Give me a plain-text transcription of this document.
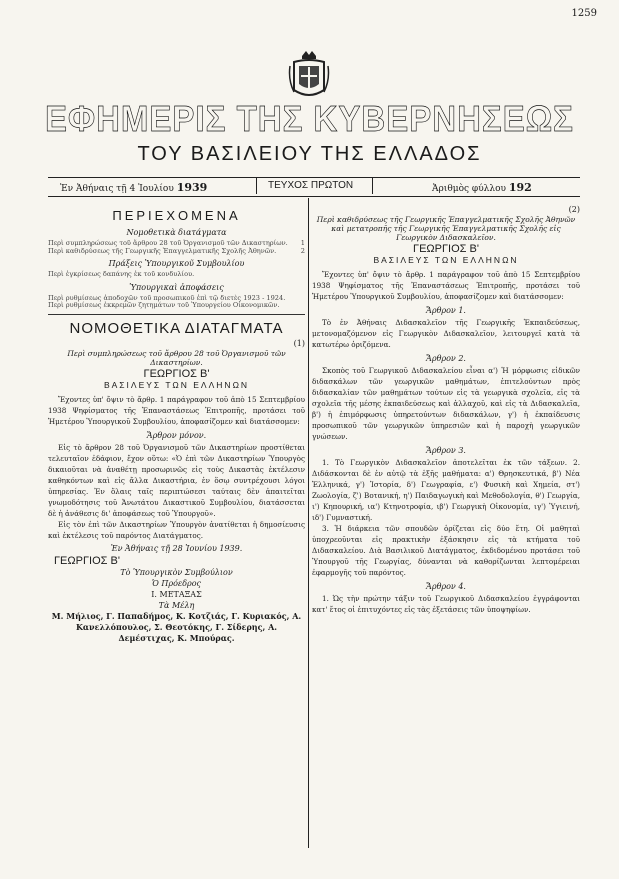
1259
ΕΦΗΜΕΡΙΣ ΤΗΣ ΚΥΒΕΡΝΗΣΕΩΣ
ΤΟΥ ΒΑΣΙΛΕΙΟΥ ΤΗΣ ΕΛΛΑΔΟΣ
Ἐν Ἀθήναις τῇ 4 Ἰουλίου 1939	ΤΕΥΧΟΣ ΠΡΩΤΟΝ	Ἀριθμὸς φύλλου 192
ΠΕΡΙΕΧΟΜΕΝΑ
Νομοθετικὰ διατάγματα
Περὶ συμπληρώσεως τοῦ ἄρθρου 28 τοῦ Ὀργανισμοῦ τῶν Δικαστηρίων. 1
Περὶ καθιδρύσεως τῆς Γεωργικῆς Ἐπαγγελματικῆς Σχολῆς Ἀθηνῶν.	2
Πράξεις Ὑπουργικοῦ Συμβουλίου
Περὶ ἐγκρίσεως δαπάνης ἐκ τοῦ κονδυλίου.
Ὑπουργικαὶ ἀποφάσεις
Περὶ ρυθμίσεως ἀποδοχῶν τοῦ προσωπικοῦ ἐπὶ τῷ διετὲς 1923 - 1924.
Περὶ ρυθμίσεως ἐκκρεμῶν ζητημάτων τοῦ Ὑπουργείου Οἰκονομικῶν.
ΝΟΜΟΘΕΤΙΚΑ ΔΙΑΤΑΓΜΑΤΑ
(1)
Περὶ συμπληρώσεως τοῦ ἄρθρου 28 τοῦ Ὀργανισμοῦ τῶν Δικαστηρίων.
ΓΕΩΡΓΙΟΣ Β'
ΒΑΣΙΛΕΥΣ ΤΩΝ ΕΛΛΗΝΩΝ

Ἔχοντες ὑπ' ὄψιν τὸ ἄρθρ. 1 παράγραφον τοῦ ἀπὸ 15 Σεπτεμβρίου 1938 Ψηφίσματος τῆς Ἐπαναστάσεως Ἐπιτροπῆς, προτάσει τοῦ Ἡμετέρου Ὑπουργικοῦ Συμβουλίου, ἀποφασίζομεν καὶ διατάσσομεν:

Ἄρθρον μόνον.

Εἰς τὸ ἄρθρον 28 τοῦ Ὀργανισμοῦ τῶν Δικαστηρίων προστίθεται τελευταῖον ἐδάφιον, ἔχον οὕτω: «Ὁ ἐπὶ τῶν Δικαστηρίων Ὑπουργὸς δικαιοῦται νὰ ἀναθέτῃ προσωρινῶς εἰς τοὺς Δικαστὰς ἐκτέλεσιν καθηκόντων καὶ εἰς ἄλλα Δικαστήρια, ἐν ὅσῳ συντρέχουσι λόγοι ὑπηρεσίας. Ἐν ὅλαις ταῖς περιπτώσεσι ταύταις δὲν ἀπαιτεῖται γνωμοδότησις τοῦ Ἀνωτάτου Δικαστικοῦ Συμβουλίου, διατάσσεται δὲ ἡ ἀνάθεσις δι' ἀποφάσεως τοῦ Ὑπουργοῦ».

Εἰς τὸν ἐπὶ τῶν Δικαστηρίων Ὑπουργὸν ἀνατίθεται ἡ δημοσίευσις καὶ ἐκτέλεσις τοῦ παρόντος Διατάγματος.

Ἐν Ἀθήναις τῇ 28 Ἰουνίου 1939.
ΓΕΩΡΓΙΟΣ Β'
Τὸ Ὑπουργικὸν Συμβούλιον
Ὁ Πρόεδρος
Ι. ΜΕΤΑΞΑΣ
Τὰ Μέλη
Μ. Μήλιος, Γ. Παπαδήμος, Κ. Κοτζιάς, Γ. Κυριακός, Α. Κανελλόπουλος, Σ. Θεοτόκης, Γ. Σίδερης, Α. Δεμέστιχας, Κ. Μπούρας.
(2)
Περὶ καθιδρύσεως τῆς Γεωργικῆς Ἐπαγγελματικῆς Σχολῆς Ἀθηνῶν καὶ μετατροπῆς τῆς Γεωργικῆς Ἐπαγγελματικῆς Σχολῆς εἰς Γεωργικὸν Διδασκαλεῖον.
ΓΕΩΡΓΙΟΣ Β'
ΒΑΣΙΛΕΥΣ ΤΩΝ ΕΛΛΗΝΩΝ

Ἔχοντες ὑπ' ὄψιν τὸ ἄρθρ. 1 παράγραφον τοῦ ἀπὸ 15 Σεπτεμβρίου 1938 Ψηφίσματος τῆς Ἐπαναστάσεως Ἐπιτροπῆς, προτάσει τοῦ Ἡμετέρου Ὑπουργικοῦ Συμβουλίου, ἀποφασίζομεν καὶ διατάσσομεν:

Ἄρθρον 1.

Τὸ ἐν Ἀθήναις Διδασκαλεῖον τῆς Γεωργικῆς Ἐκπαιδεύσεως, μετονομαζόμενον εἰς Γεωργικὸν Διδασκαλεῖον, λειτουργεῖ κατὰ τὰ κατωτέρω ὁριζόμενα.

Ἄρθρον 2.

Σκοπὸς τοῦ Γεωργικοῦ Διδασκαλείου εἶναι α') Ἡ μόρφωσις εἰδικῶν διδασκάλων τῶν γεωργικῶν μαθημάτων, ἐπιτελούντων πρὸς διδασκαλίαν τῶν μαθημάτων τούτων εἰς τὰ γεωργικὰ σχολεῖα, εἰς τὰ σχολεῖα τῆς μέσης ἐκπαιδεύσεως καὶ ἀλλαχοῦ, καὶ εἰς τὰ Διδασκαλεῖα, β') ἡ ἐπιμόρφωσις ὑπηρετούντων διδασκάλων, γ') ἡ ἐκπαίδευσις προσωπικοῦ τῶν γεωργικῶν ὑπηρεσιῶν καὶ ἡ παροχὴ γεωργικῶν γνώσεων.

Ἄρθρον 3.

1. Τὸ Γεωργικὸν Διδασκαλεῖον ἀποτελεῖται ἐκ τῶν τάξεων. 2. Διδάσκονται δὲ ἐν αὐτῷ τὰ ἑξῆς μαθήματα: α') Θρησκευτικά, β') Νέα Ἑλληνικά, γ') Ἱστορία, δ') Γεωγραφία, ε') Φυσικὴ καὶ Χημεία, στ') Ζωολογία, ζ') Βοτανική, η') Παιδαγωγικὴ καὶ Μεθοδολογία, θ') Γεωργία, ι') Κηπουρική, ια') Κτηνοτροφία, ιβ') Γεωργικὴ Οἰκονομία, ιγ') Ὑγιεινή, ιδ') Γυμναστική.

3. Ἡ διάρκεια τῶν σπουδῶν ὁρίζεται εἰς δύο ἔτη. Οἱ μαθηταὶ ὑποχρεοῦνται εἰς πρακτικὴν ἐξάσκησιν εἰς τὰ κτήματα τοῦ Διδασκαλείου. Διὰ Βασιλικοῦ Διατάγματος, ἐκδιδομένου προτάσει τοῦ Ὑπουργοῦ τῆς Γεωργίας, δύνανται νὰ καθορίζωνται λεπτομέρειαι ἐφαρμογῆς τοῦ παρόντος.

Ἄρθρον 4.

1. Ὡς τὴν πρώτην τάξιν τοῦ Γεωργικοῦ Διδασκαλείου ἐγγράφονται κατ' ἔτος οἱ ἐπιτυχόντες εἰς τὰς ἐξετάσεις τῶν ὑποψηφίων.
